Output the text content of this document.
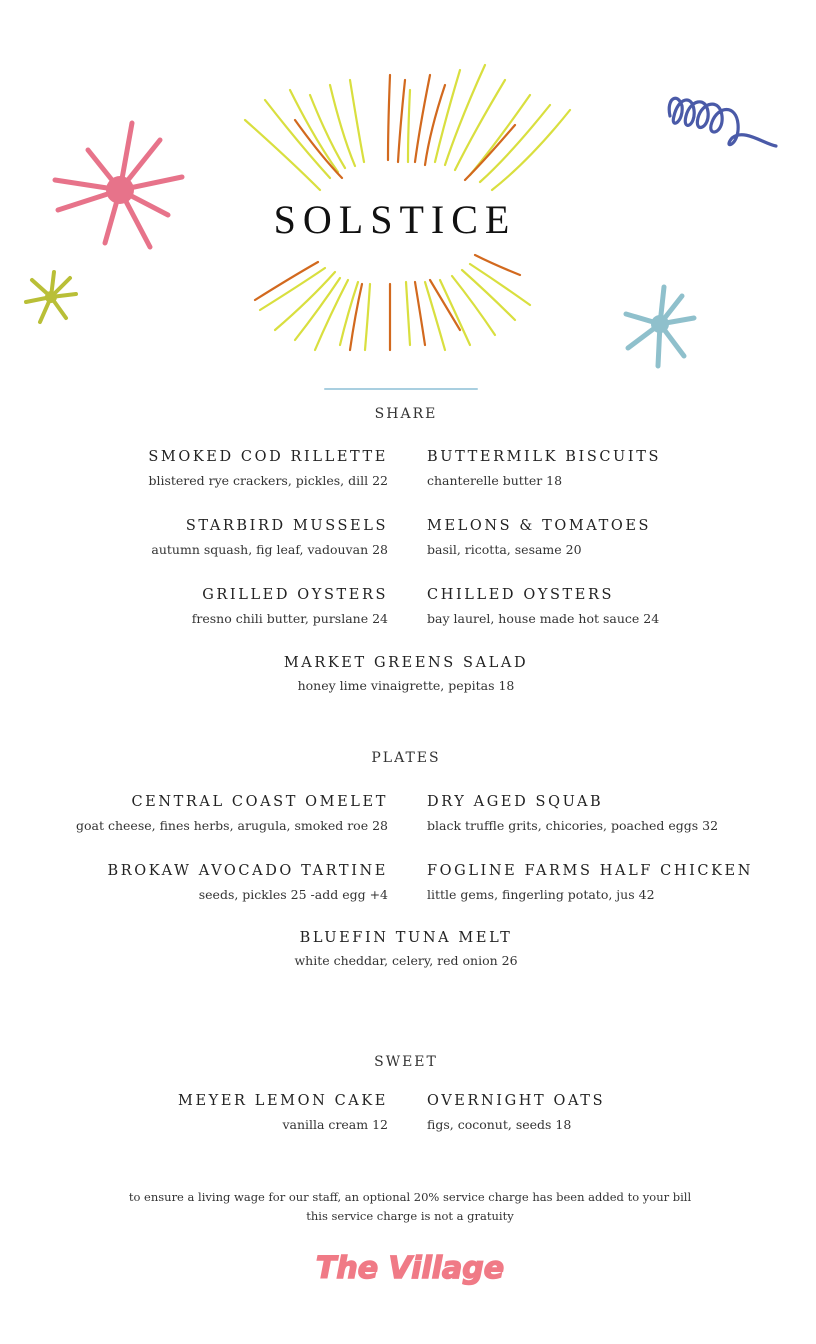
SOLSTICE
SHARE
SMOKED COD RILLETTE
blistered rye crackers, pickles, dill 22
BUTTERMILK BISCUITS
chanterelle butter 18
STARBIRD MUSSELS
autumn squash, fig leaf, vadouvan 28
MELONS & TOMATOES
basil, ricotta, sesame 20
GRILLED OYSTERS
fresno chili butter, purslane 24
CHILLED OYSTERS
bay laurel, house made hot sauce 24
MARKET GREENS SALAD
honey lime vinaigrette, pepitas 18
PLATES
CENTRAL COAST OMELET
goat cheese, fines herbs, arugula, smoked roe 28
DRY AGED SQUAB
black truffle grits, chicories, poached eggs 32
BROKAW AVOCADO TARTINE
seeds, pickles 25 -add egg +4
FOGLINE FARMS HALF CHICKEN
little gems, fingerling potato, jus 42
BLUEFIN TUNA MELT
white cheddar, celery, red onion 26
SWEET
MEYER LEMON CAKE
vanilla cream 12
OVERNIGHT OATS
figs, coconut, seeds 18
to ensure a living wage for our staff, an optional 20% service charge has been added to your bill
this service charge is not a gratuity
The Village
